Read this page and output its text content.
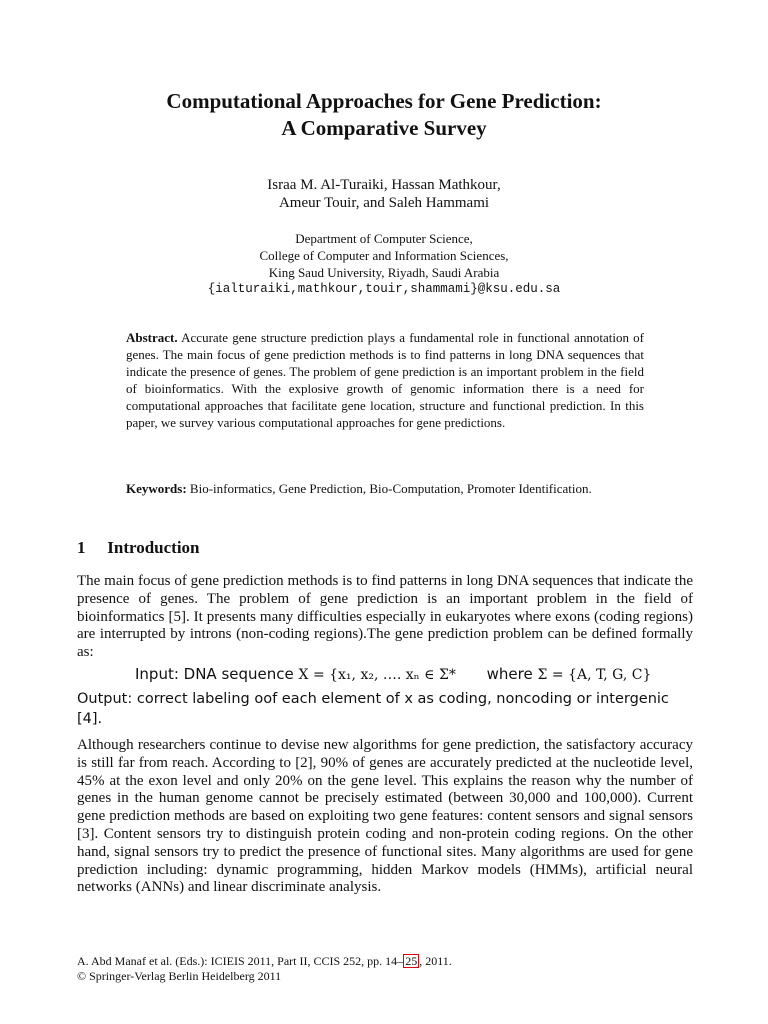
Computational Approaches for Gene Prediction:
A Comparative Survey
Israa M. Al-Turaiki, Hassan Mathkour,
Ameur Touir, and Saleh Hammami
Department of Computer Science,
College of Computer and Information Sciences,
King Saud University, Riyadh, Saudi Arabia
{ialturaiki,mathkour,touir,shammami}@ksu.edu.sa
Abstract. Accurate gene structure prediction plays a fundamental role in functional annotation of genes. The main focus of gene prediction methods is to find patterns in long DNA sequences that indicate the presence of genes. The problem of gene prediction is an important problem in the field of bioinformatics. With the explosive growth of genomic information there is a need for computational approaches that facilitate gene location, structure and functional prediction. In this paper, we survey various computational approaches for gene predictions.
Keywords: Bio-informatics, Gene Prediction, Bio-Computation, Promoter Identification.
1 Introduction
The main focus of gene prediction methods is to find patterns in long DNA sequences that indicate the presence of genes. The problem of gene prediction is an important problem in the field of bioinformatics [5]. It presents many difficulties especially in eukaryotes where exons (coding regions) are interrupted by introns (non-coding regions).The gene prediction problem can be defined formally as:
Input: DNA sequence X = {x₁, x₂, …. xₙ ∈ Σ* where Σ = {A, T, G, C}
Output: correct labeling oof each element of x as coding, noncoding or intergenic [4].
Although researchers continue to devise new algorithms for gene prediction, the satisfactory accuracy is still far from reach. According to [2], 90% of genes are accurately predicted at the nucleotide level, 45% at the exon level and only 20% on the gene level. This explains the reason why the number of genes in the human genome cannot be precisely estimated (between 30,000 and 100,000). Current gene prediction methods are based on exploiting two gene features: content sensors and signal sensors [3]. Content sensors try to distinguish protein coding and non-protein coding regions. On the other hand, signal sensors try to predict the presence of functional sites. Many algorithms are used for gene prediction including: dynamic programming, hidden Markov models (HMMs), artificial neural networks (ANNs) and linear discriminate analysis.
A. Abd Manaf et al. (Eds.): ICIEIS 2011, Part II, CCIS 252, pp. 14– 25 , 2011.
© Springer-Verlag Berlin Heidelberg 2011
